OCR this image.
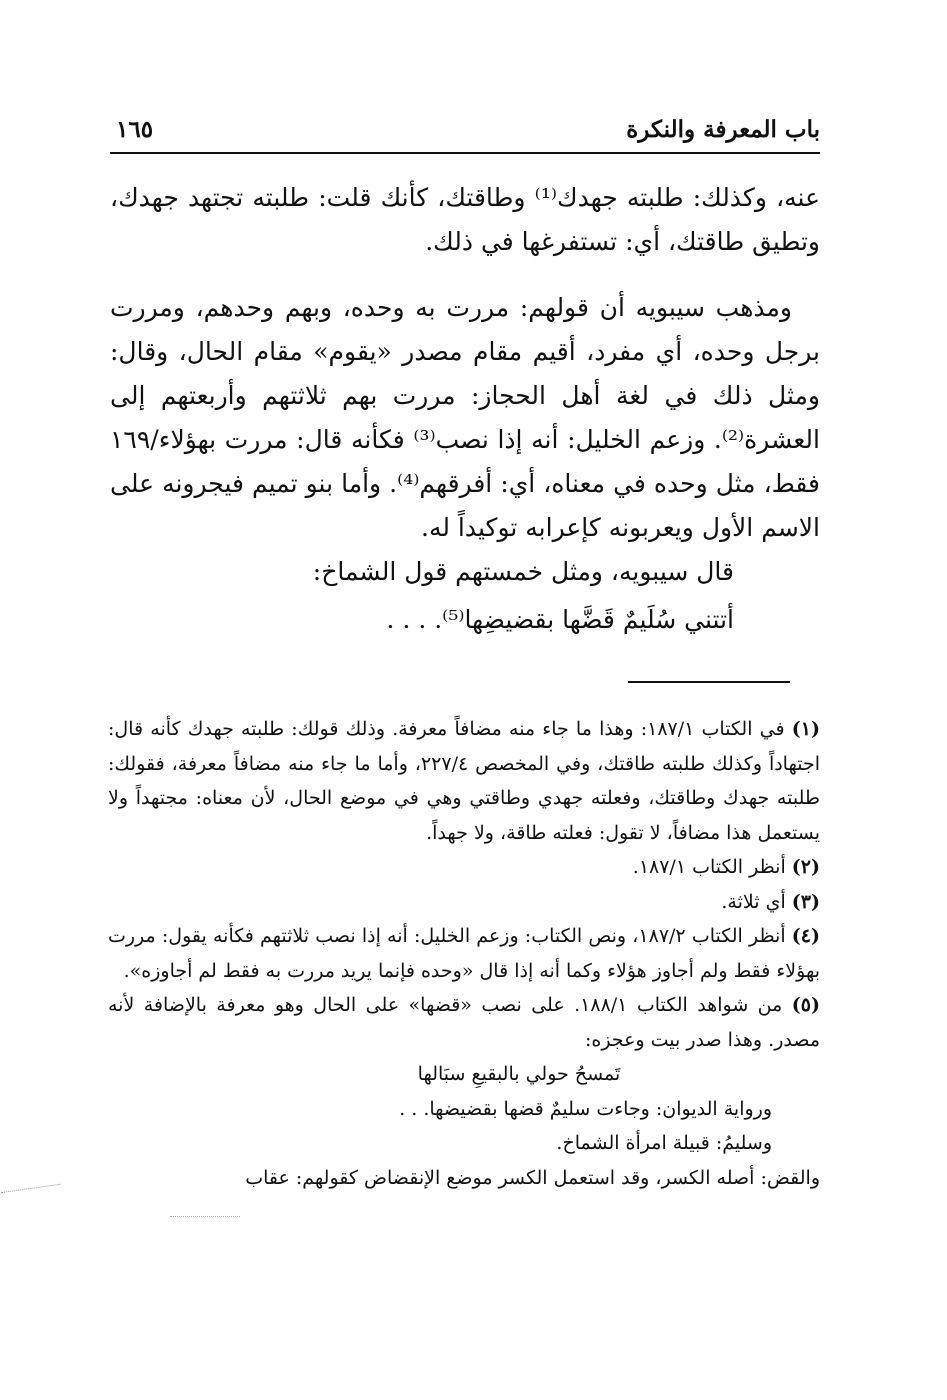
باب المعرفة والنكرة
١٦٥

عنه، وكذلك: طلبته جهدك⁽¹⁾ وطاقتك، كأنك قلت: طلبته تجتهد جهدك، وتطيق طاقتك، أي: تستفرغها في ذلك.

ومذهب سيبويه أن قولهم: مررت به وحده، وبهم وحدهم، ومررت برجل وحده، أي مفرد، أقيم مقام مصدر «يقوم» مقام الحال، وقال: ومثل ذلك في لغة أهل الحجاز: مررت بهم ثلاثتهم وأربعتهم إلى العشرة⁽²⁾. وزعم الخليل: أنه إذا نصب⁽³⁾ فكأنه قال: مررت بهؤلاء/١٦٩ فقط، مثل وحده في معناه، أي: أفرقهم⁽⁴⁾. وأما بنو تميم فيجرونه على الاسم الأول ويعربونه كإعرابه توكيداً له.

قال سيبويه، ومثل خمستهم قول الشماخ:
أتتني سُلَيمٌ قَضَّها بقضيضِها⁽⁵⁾. . . .
(١) في الكتاب ١٨٧/١: وهذا ما جاء منه مضافاً معرفة. وذلك قولك: طلبته جهدك كأنه قال: اجتهاداً وكذلك طلبته طاقتك، وفي المخصص ٢٢٧/٤، وأما ما جاء منه مضافاً معرفة، فقولك: طلبته جهدك وطاقتك، وفعلته جهدي وطاقتي وهي في موضع الحال، لأن معناه: مجتهداً ولا يستعمل هذا مضافاً، لا تقول: فعلته طاقة، ولا جهداً.
(٢) أنظر الكتاب ١٨٧/١.
(٣) أي ثلاثة.
(٤) أنظر الكتاب ١٨٧/٢، ونص الكتاب: وزعم الخليل: أنه إذا نصب ثلاثتهم فكأنه يقول: مررت بهؤلاء فقط ولم أجاوز هؤلاء وكما أنه إذا قال «وحده فإنما يريد مررت به فقط لم أجاوزه».
(٥) من شواهد الكتاب ١٨٨/١. على نصب «قضها» على الحال وهو معرفة بالإضافة لأنه مصدر. وهذا صدر بيت وعجزه:
تَمسحُ حولي بالبقيعِ سبَالها
ورواية الديوان: وجاءت سليمٌ قضها بقضيضها. . .
وسليمُ: قبيلة امرأة الشماخ.
والقض: أصله الكسر، وقد استعمل الكسر موضع الإنقضاض كقولهم: عقاب
